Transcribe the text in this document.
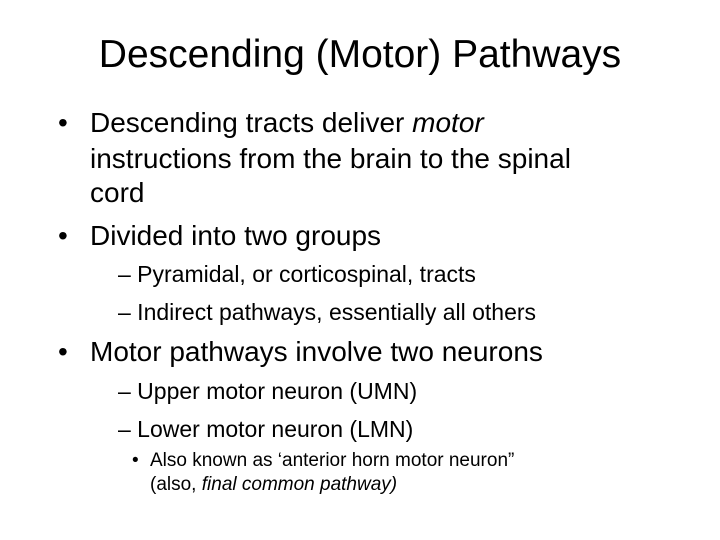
Descending (Motor) Pathways
• Descending tracts deliver motor
instructions from the brain to the spinal
cord
• Divided into two groups
– Pyramidal, or corticospinal, tracts
– Indirect pathways, essentially all others
• Motor pathways involve two neurons
– Upper motor neuron (UMN)
– Lower motor neuron (LMN)
• Also known as ‘anterior horn motor neuron”
(also, final common pathway)
